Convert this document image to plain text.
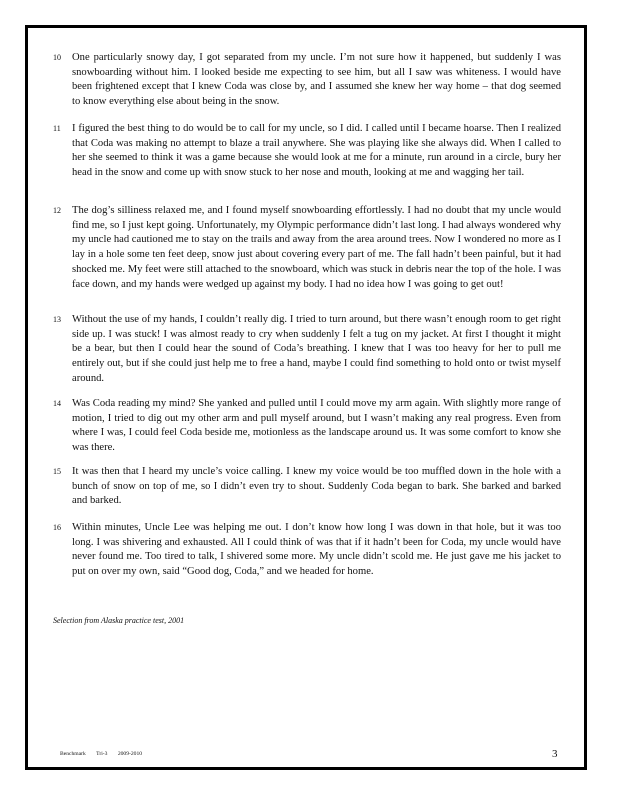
10 One particularly snowy day, I got separated from my uncle. I’m not sure how it happened, but suddenly I was snowboarding without him. I looked beside me expecting to see him, but all I saw was whiteness. I would have been frightened except that I knew Coda was close by, and I assumed she knew her way home – that dog seemed to know everything else about being in the snow.
11 I figured the best thing to do would be to call for my uncle, so I did. I called until I became hoarse. Then I realized that Coda was making no attempt to blaze a trail anywhere. She was playing like she always did. When I called to her she seemed to think it was a game because she would look at me for a minute, run around in a circle, bury her head in the snow and come up with snow stuck to her nose and mouth, looking at me and wagging her tail.
12 The dog’s silliness relaxed me, and I found myself snowboarding effortlessly. I had no doubt that my uncle would find me, so I just kept going. Unfortunately, my Olympic performance didn’t last long. I had always wondered why my uncle had cautioned me to stay on the trails and away from the area around trees. Now I wondered no more as I lay in a hole some ten feet deep, snow just about covering every part of me. The fall hadn’t been painful, but it had shocked me. My feet were still attached to the snowboard, which was stuck in debris near the top of the hole. I was face down, and my hands were wedged up against my body. I had no idea how I was going to get out!
13 Without the use of my hands, I couldn’t really dig. I tried to turn around, but there wasn’t enough room to get right side up. I was stuck! I was almost ready to cry when suddenly I felt a tug on my jacket. At first I thought it might be a bear, but then I could hear the sound of Coda’s breathing. I knew that I was too heavy for her to pull me entirely out, but if she could just help me to free a hand, maybe I could find something to hold onto or twist myself around.
14 Was Coda reading my mind? She yanked and pulled until I could move my arm again. With slightly more range of motion, I tried to dig out my other arm and pull myself around, but I wasn’t making any real progress. Even from where I was, I could feel Coda beside me, motionless as the landscape around us. It was some comfort to know she was there.
15 It was then that I heard my uncle’s voice calling. I knew my voice would be too muffled down in the hole with a bunch of snow on top of me, so I didn’t even try to shout. Suddenly Coda began to bark. She barked and barked and barked.
16 Within minutes, Uncle Lee was helping me out. I don’t know how long I was down in that hole, but it was too long. I was shivering and exhausted. All I could think of was that if it hadn’t been for Coda, my uncle would have never found me. Too tired to talk, I shivered some more. My uncle didn’t scold me. He just gave me his jacket to put on over my own, said “Good dog, Coda,” and we headed for home.
Selection from Alaska practice test, 2001
Benchmark Tri-3 2009-2010	3
